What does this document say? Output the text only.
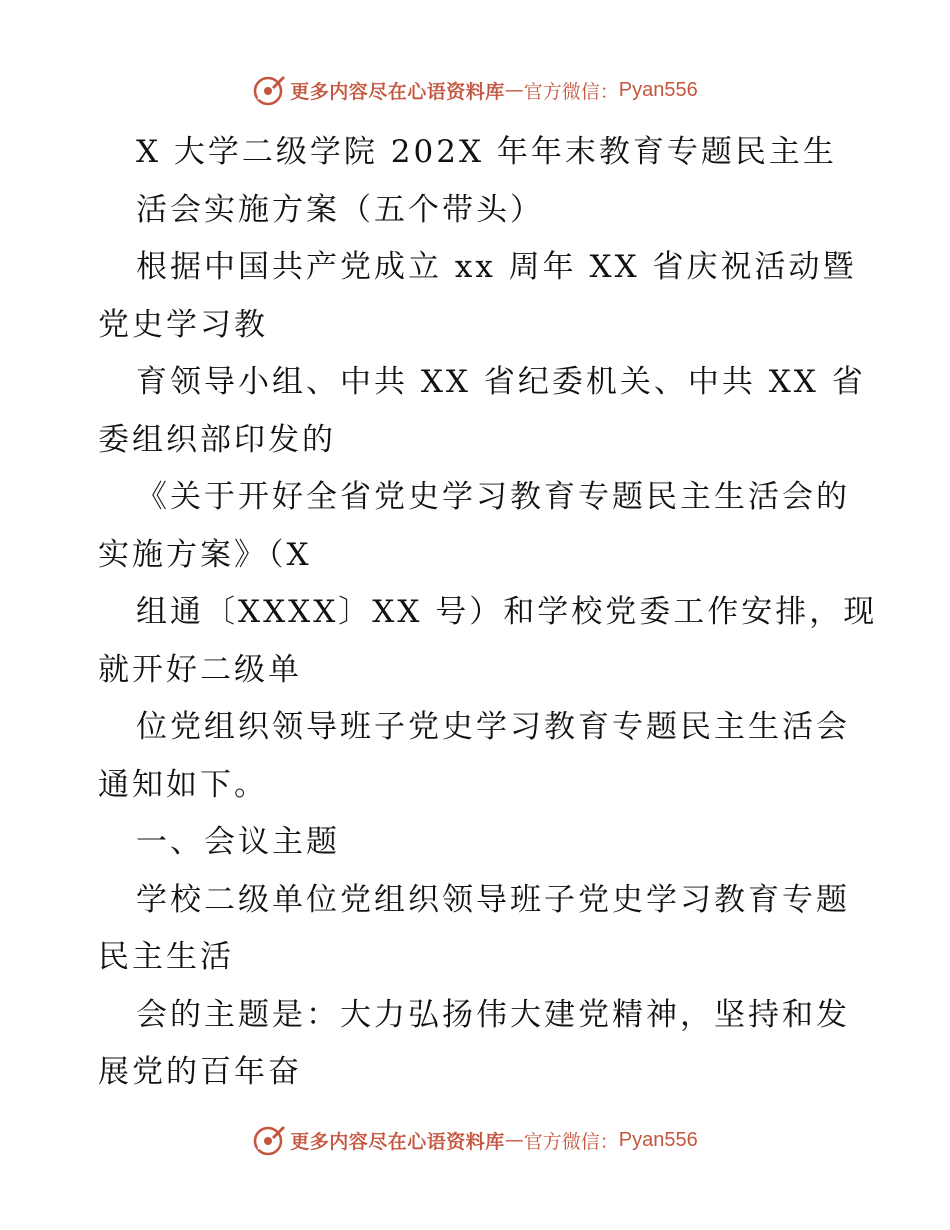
更多内容尽在心语资料库 — 官方微信： Pyan556

X 大学二级学院 202X 年年末教育专题民主生

活会实施方案（五个带头）

根据中国共产党成立 xx 周年 XX 省庆祝活动暨

党史学习教

育领导小组、中共 XX 省纪委机关、中共 XX 省

委组织部印发的

《关于开好全省党史学习教育专题民主生活会的

实施方案》（X

组通〔XXXX〕XX 号）和学校党委工作安排，现

就开好二级单

位党组织领导班子党史学习教育专题民主生活会

通知如下。

一、会议主题

学校二级单位党组织领导班子党史学习教育专题

民主生活

会的主题是：大力弘扬伟大建党精神，坚持和发

展党的百年奋

更多内容尽在心语资料库 — 官方微信： Pyan556
